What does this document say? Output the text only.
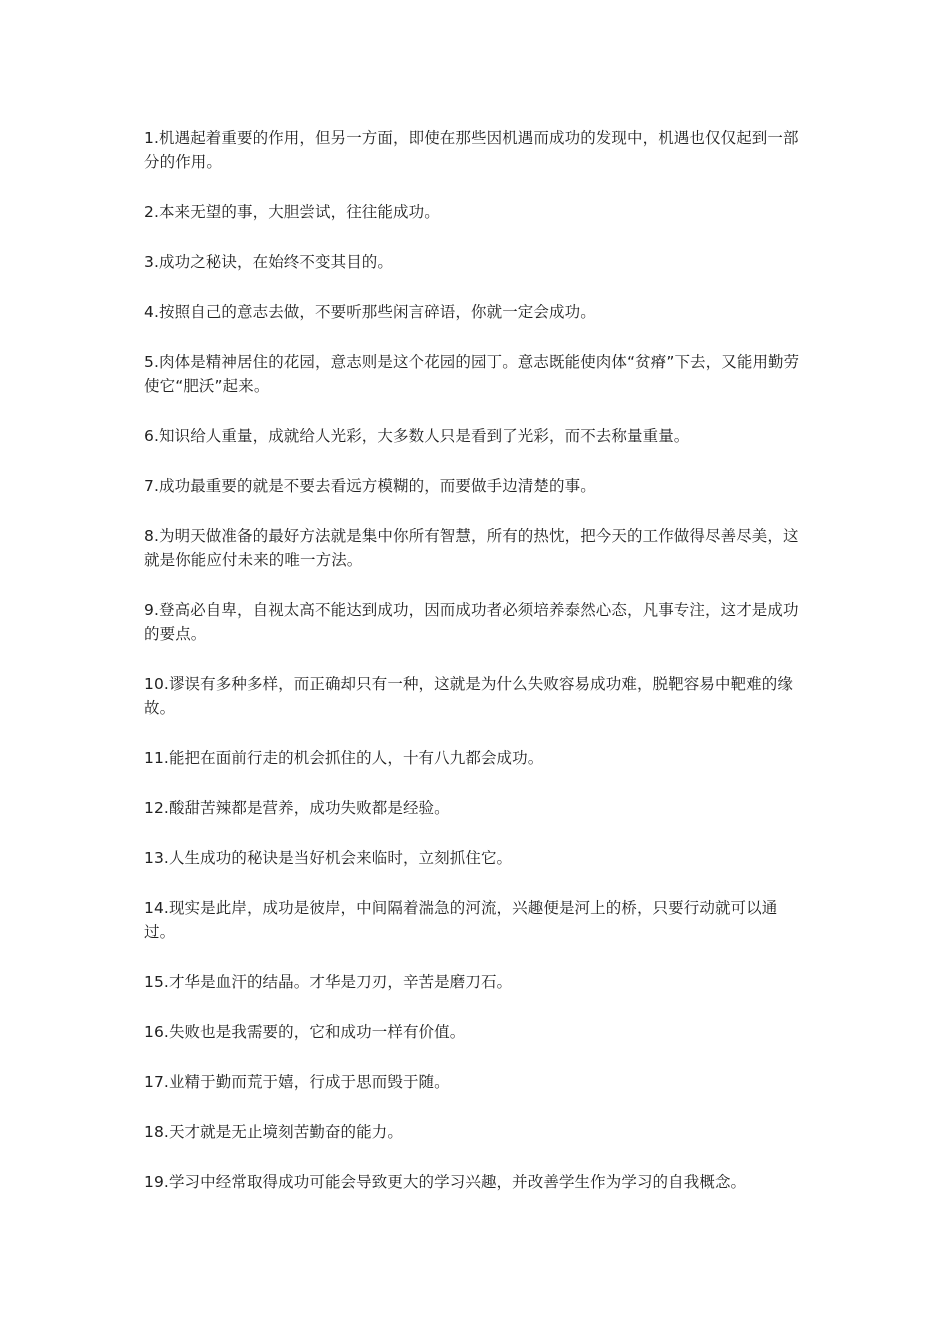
1.机遇起着重要的作用，但另一方面，即使在那些因机遇而成功的发现中，机遇也仅仅起到一部分的作用。
2.本来无望的事，大胆尝试，往往能成功。
3.成功之秘诀，在始终不变其目的。
4.按照自己的意志去做，不要听那些闲言碎语，你就一定会成功。
5.肉体是精神居住的花园，意志则是这个花园的园丁。意志既能使肉体“贫瘠”下去，又能用勤劳使它“肥沃”起来。
6.知识给人重量，成就给人光彩，大多数人只是看到了光彩，而不去称量重量。
7.成功最重要的就是不要去看远方模糊的，而要做手边清楚的事。
8.为明天做准备的最好方法就是集中你所有智慧，所有的热忱，把今天的工作做得尽善尽美，这就是你能应付未来的唯一方法。
9.登高必自卑，自视太高不能达到成功，因而成功者必须培养泰然心态，凡事专注，这才是成功的要点。
10.谬误有多种多样，而正确却只有一种，这就是为什么失败容易成功难，脱靶容易中靶难的缘故。
11.能把在面前行走的机会抓住的人，十有八九都会成功。
12.酸甜苦辣都是营养，成功失败都是经验。
13.人生成功的秘诀是当好机会来临时，立刻抓住它。
14.现实是此岸，成功是彼岸，中间隔着湍急的河流，兴趣便是河上的桥，只要行动就可以通过。
15.才华是血汗的结晶。才华是刀刃，辛苦是磨刀石。
16.失败也是我需要的，它和成功一样有价值。
17.业精于勤而荒于嬉，行成于思而毁于随。
18.天才就是无止境刻苦勤奋的能力。
19.学习中经常取得成功可能会导致更大的学习兴趣，并改善学生作为学习的自我概念。
